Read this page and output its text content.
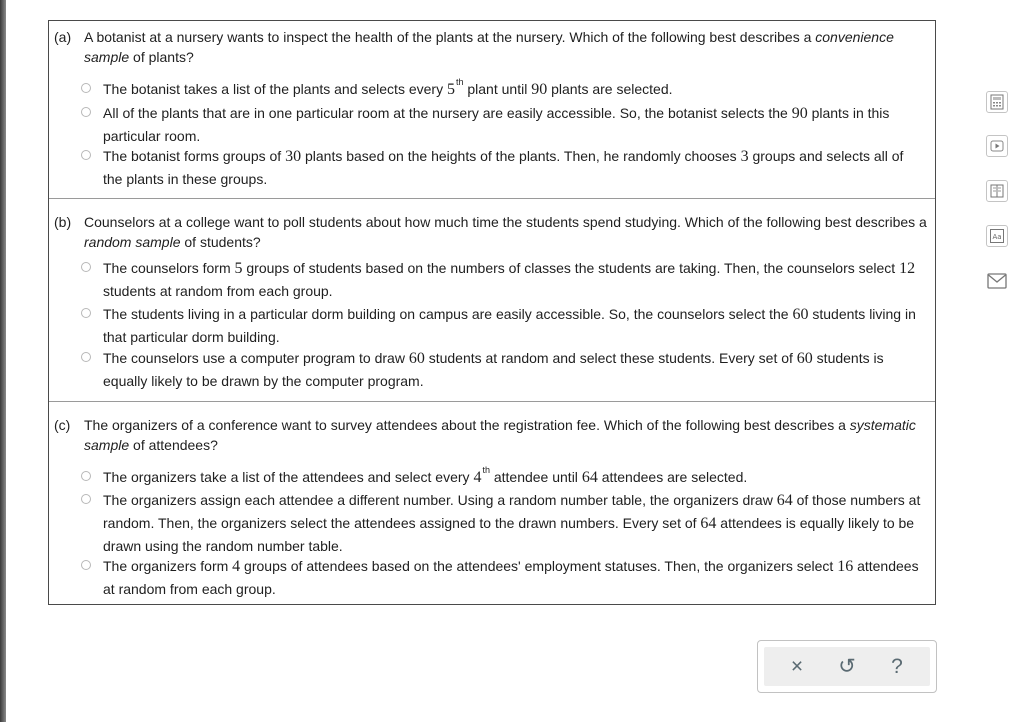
(a) A botanist at a nursery wants to inspect the health of the plants at the nursery. Which of the following best describes a convenience sample of plants?
The botanist takes a list of the plants and selects every 5th plant until 90 plants are selected.
All of the plants that are in one particular room at the nursery are easily accessible. So, the botanist selects the 90 plants in this particular room.
The botanist forms groups of 30 plants based on the heights of the plants. Then, he randomly chooses 3 groups and selects all of the plants in these groups.
(b) Counselors at a college want to poll students about how much time the students spend studying. Which of the following best describes a random sample of students?
The counselors form 5 groups of students based on the numbers of classes the students are taking. Then, the counselors select 12 students at random from each group.
The students living in a particular dorm building on campus are easily accessible. So, the counselors select the 60 students living in that particular dorm building.
The counselors use a computer program to draw 60 students at random and select these students. Every set of 60 students is equally likely to be drawn by the computer program.
(c) The organizers of a conference want to survey attendees about the registration fee. Which of the following best describes a systematic sample of attendees?
The organizers take a list of the attendees and select every 4th attendee until 64 attendees are selected.
The organizers assign each attendee a different number. Using a random number table, the organizers draw 64 of those numbers at random. Then, the organizers select the attendees assigned to the drawn numbers. Every set of 64 attendees is equally likely to be drawn using the random number table.
The organizers form 4 groups of attendees based on the attendees' employment statuses. Then, the organizers select 16 attendees at random from each group.
Aa
×	↺	?
